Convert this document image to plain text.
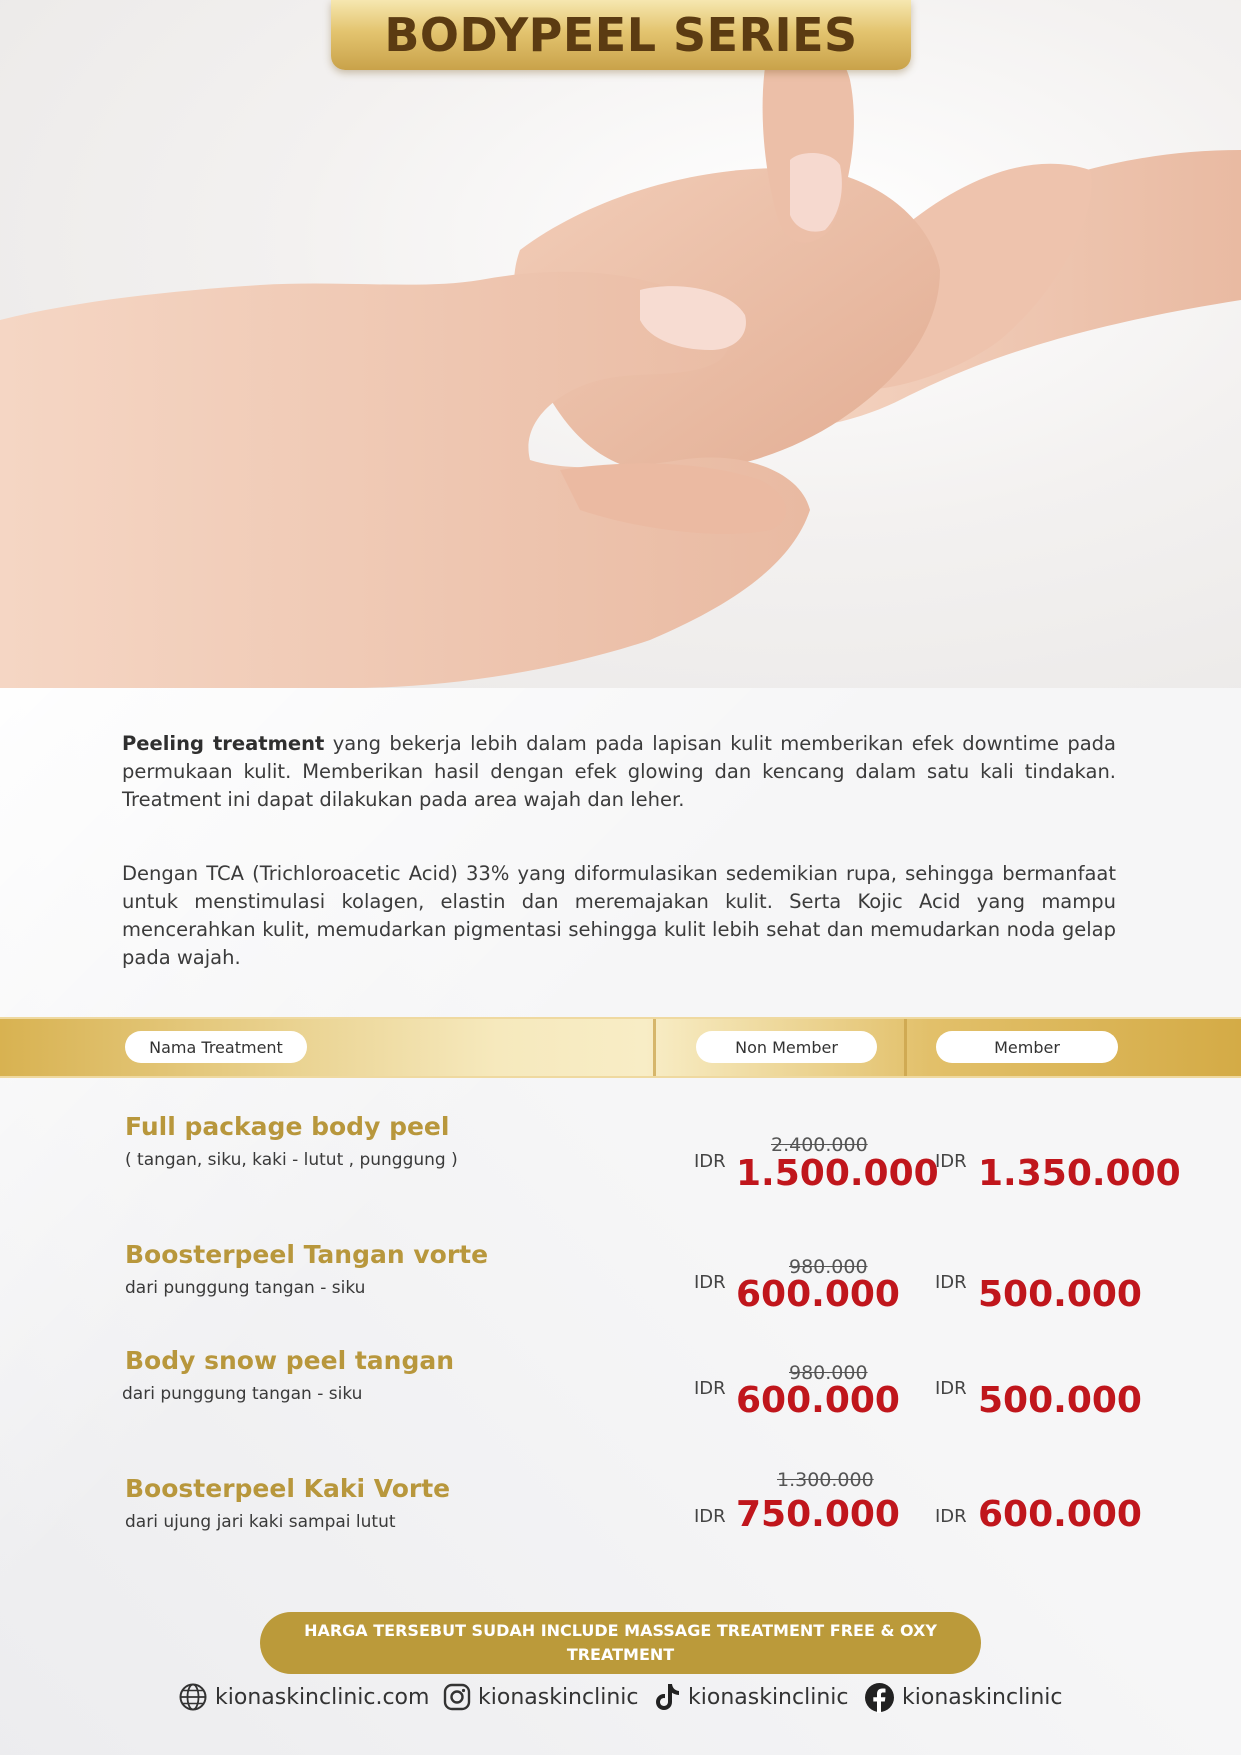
BODYPEEL SERIES
Peeling treatment yang bekerja lebih dalam pada lapisan kulit memberikan efek downtime pada permukaan kulit. Memberikan hasil dengan efek glowing dan kencang dalam satu kali tindakan. Treatment ini dapat dilakukan pada area wajah dan leher.
Dengan TCA (Trichloroacetic Acid) 33% yang diformulasikan sedemikian rupa, sehingga bermanfaat untuk menstimulasi kolagen, elastin dan meremajakan kulit. Serta Kojic Acid yang mampu mencerahkan kulit, memudarkan pigmentasi sehingga kulit lebih sehat dan memudarkan noda gelap pada wajah.
Nama Treatment	Non Member	Member
Full package body peel
( tangan, siku, kaki - lutut , punggung )
2.400.000
IDR 1.500.000
IDR 1.350.000
Boosterpeel Tangan vorte
dari punggung tangan - siku
980.000
IDR 600.000 IDR 500.000
Body snow peel tangan
dari punggung tangan - siku
980.000
IDR 600.000 IDR 500.000
Boosterpeel Kaki Vorte
dari ujung jari kaki sampai lutut
1.300.000
IDR 750.000 IDR 600.000
HARGA TERSEBUT SUDAH INCLUDE MASSAGE TREATMENT FREE & OXY TREATMENT
kionaskinclinic.com kionaskinclinic kionaskinclinic kionaskinclinic
